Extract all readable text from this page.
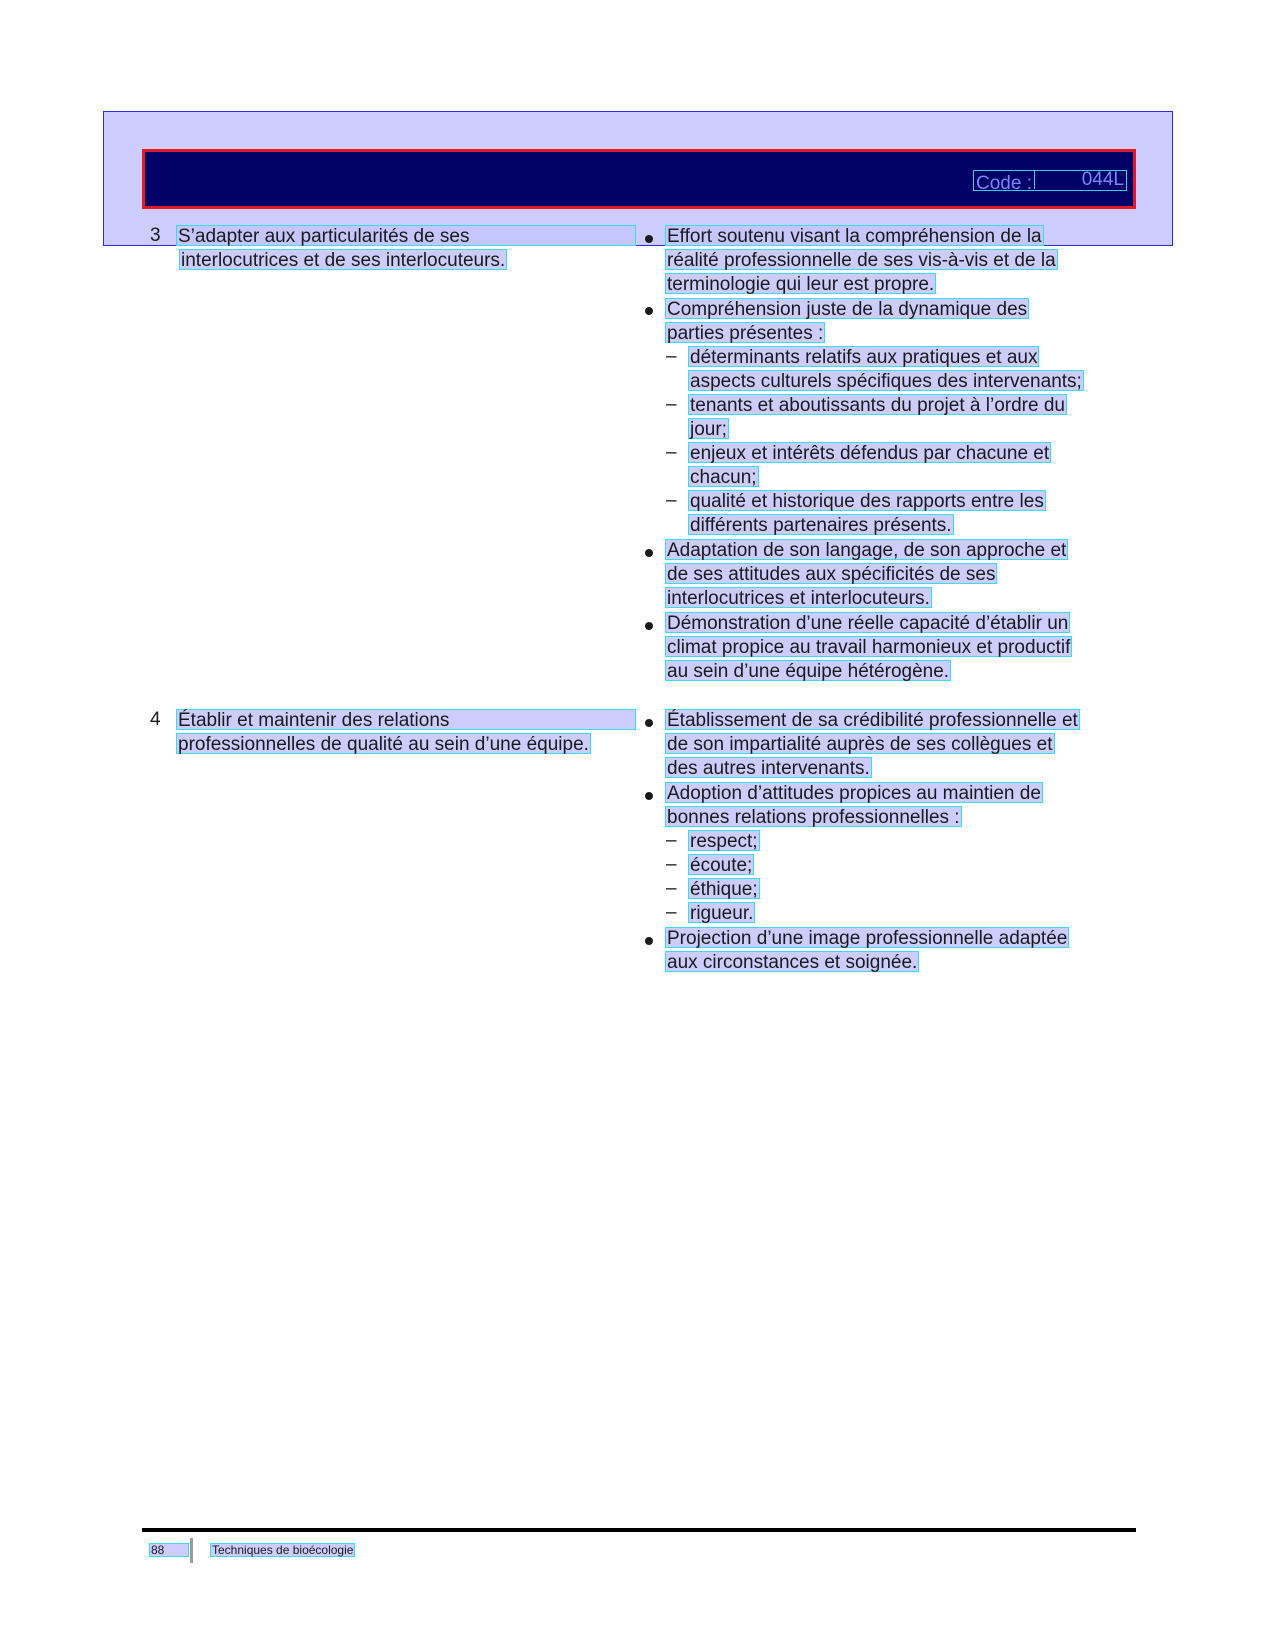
Code :	044L
3 S’adapter aux particularités de ses
interlocutrices et de ses interlocuteurs.
Effort soutenu visant la compréhension de la
réalité professionnelle de ses vis-à-vis et de la
terminologie qui leur est propre.
Compréhension juste de la dynamique des
parties présentes :
– déterminants relatifs aux pratiques et aux
aspects culturels spécifiques des intervenants;
– tenants et aboutissants du projet à l’ordre du
jour;
– enjeux et intérêts défendus par chacune et
chacun;
– qualité et historique des rapports entre les
différents partenaires présents.
Adaptation de son langage, de son approche et
de ses attitudes aux spécificités de ses
interlocutrices et interlocuteurs.
Démonstration d’une réelle capacité d’établir un
climat propice au travail harmonieux et productif
au sein d’une équipe hétérogène.
4 Établir et maintenir des relations
professionnelles de qualité au sein d’une équipe.
Établissement de sa crédibilité professionnelle et
de son impartialité auprès de ses collègues et
des autres intervenants.
Adoption d’attitudes propices au maintien de
bonnes relations professionnelles :
– respect;
– écoute;
– éthique;
– rigueur.
Projection d’une image professionnelle adaptée
aux circonstances et soignée.
88	Techniques de bioécologie
